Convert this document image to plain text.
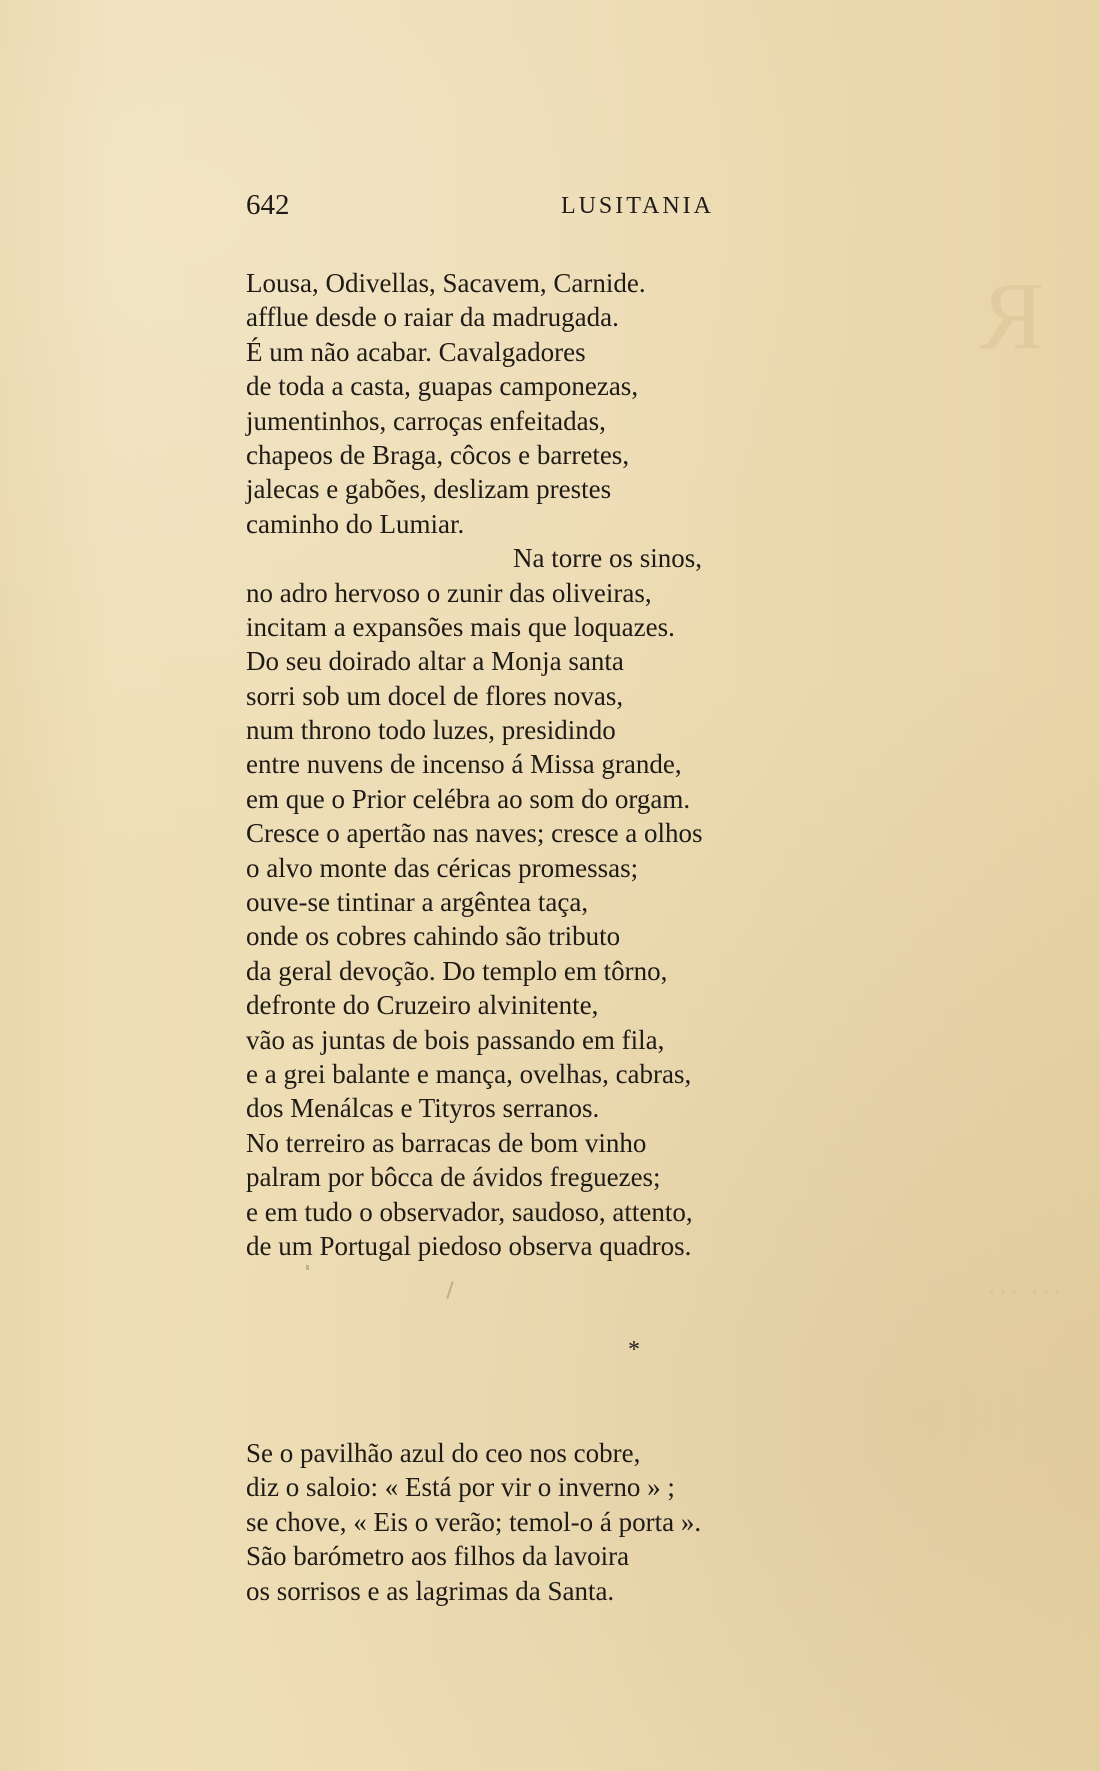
R
··· ···
642	LUSITANIA
Lousa, Odivellas, Sacavem, Carnide.
afflue desde o raiar da madrugada.
É um não acabar. Cavalgadores
de toda a casta, guapas camponezas,
jumentinhos, carroças enfeitadas,
chapeos de Braga, côcos e barretes,
jalecas e gabões, deslizam prestes
caminho do Lumiar.
Na torre os sinos,
no adro hervoso o zunir das oliveiras,
incitam a expansões mais que loquazes.
Do seu doirado altar a Monja santa
sorri sob um docel de flores novas,
num throno todo luzes, presidindo
entre nuvens de incenso á Missa grande,
em que o Prior celébra ao som do orgam.
Cresce o apertão nas naves; cresce a olhos
o alvo monte das céricas promessas;
ouve-se tintinar a argêntea taça,
onde os cobres cahindo são tributo
da geral devoção. Do templo em tôrno,
defronte do Cruzeiro alvinitente,
vão as juntas de bois passando em fila,
e a grei balante e mança, ovelhas, cabras,
dos Menálcas e Tityros serranos.
No terreiro as barracas de bom vinho
palram por bôcca de ávidos freguezes;
e em tudo o observador, saudoso, attento,
de um Portugal piedoso observa quadros.
*
Se o pavilhão azul do ceo nos cobre,
diz o saloio: « Está por vir o inverno » ;
se chove, « Eis o verão; temol-o á porta ».
São barómetro aos filhos da lavoira
os sorrisos e as lagrimas da Santa.
